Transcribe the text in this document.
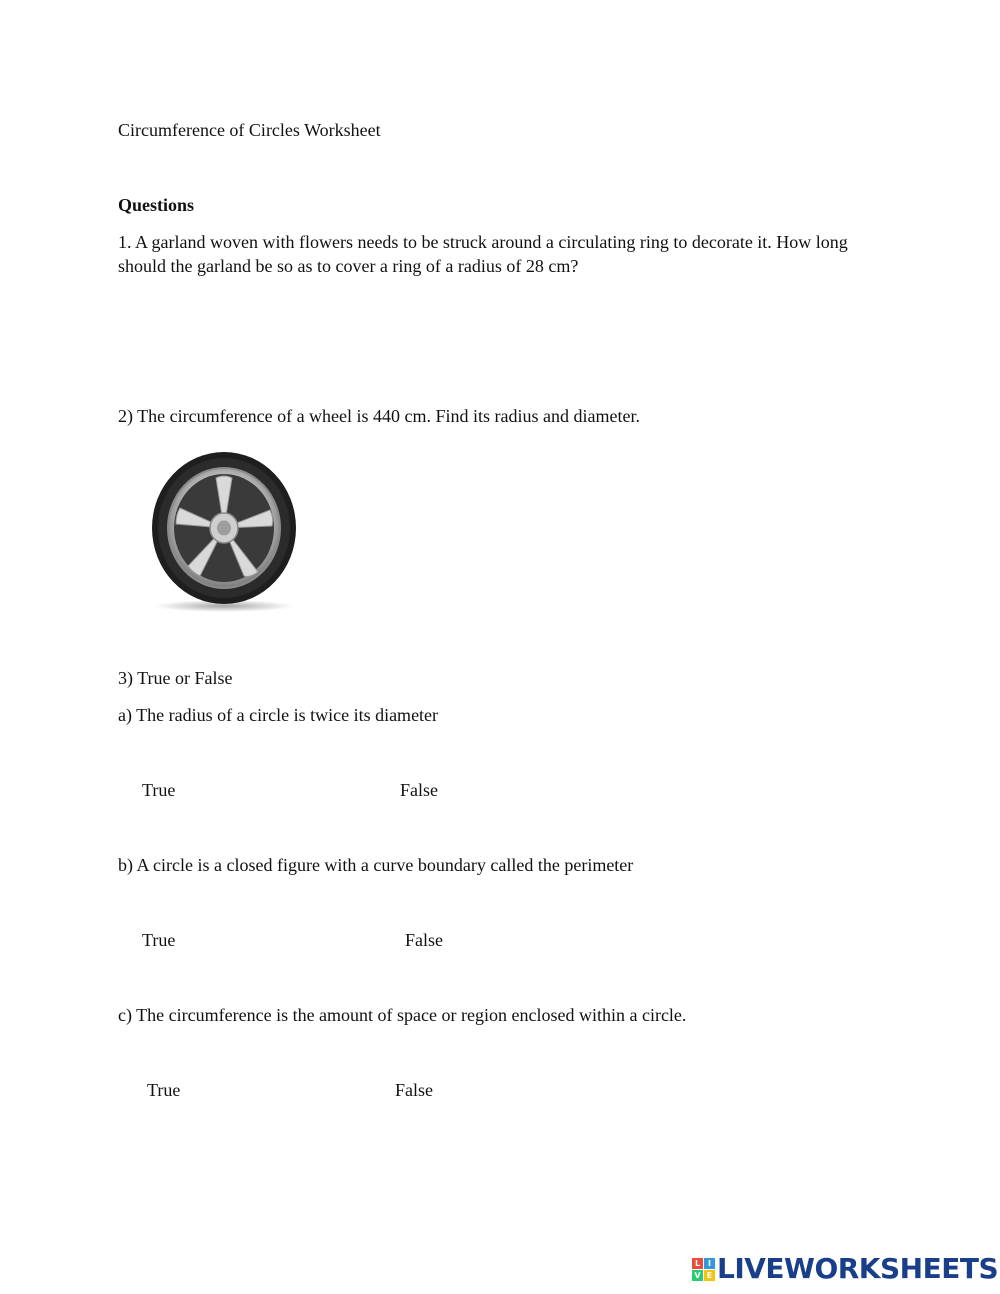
Circumference of Circles Worksheet
Questions
1. A garland woven with flowers needs to be struck around a circulating ring to decorate it. How long should the garland be so as to cover a ring of a radius of 28 cm?
2) The circumference of a wheel is 440 cm. Find its radius and diameter.
3) True or False
a) The radius of a circle is twice its diameter
True	False
b) A circle is a closed figure with a curve boundary called the perimeter
True	False
c) The circumference is the amount of space or region enclosed within a circle.
True	False
L I
V E LIVEWORKSHEETS
